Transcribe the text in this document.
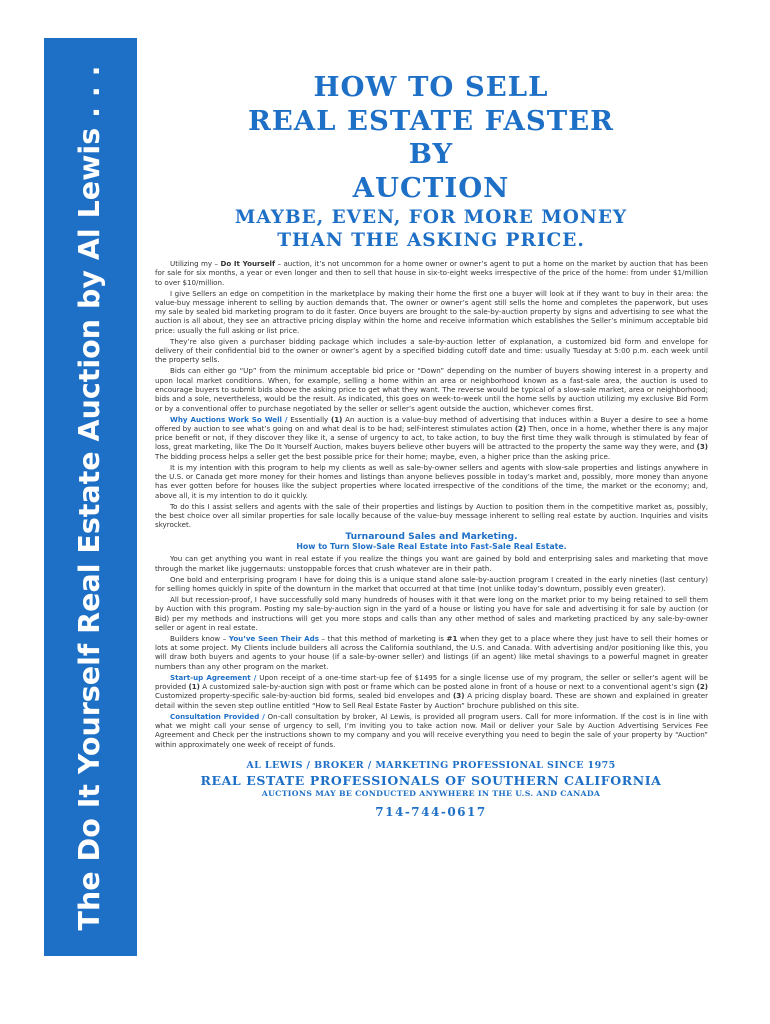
The Do It Yourself Real Estate Auction by Al Lewis . . .	HOW TO SELL
REAL ESTATE FASTER
BY
AUCTION
MAYBE, EVEN, FOR MORE MONEY
THAN THE ASKING PRICE.

Utilizing my – Do It Yourself – auction, it’s not uncommon for a home owner or owner’s agent to put a home on the market by auction that has been for sale for six months, a year or even longer and then to sell that house in six-to-eight weeks irrespective of the price of the home: from under $1/million to over $10/million.

I give Sellers an edge on competition in the marketplace by making their home the first one a buyer will look at if they want to buy in their area: the value-buy message inherent to selling by auction demands that. The owner or owner’s agent still sells the home and completes the paperwork, but uses my sale by sealed bid marketing program to do it faster. Once buyers are brought to the sale-by-auction property by signs and advertising to see what the auction is all about, they see an attractive pricing display within the home and receive information which establishes the Seller’s minimum acceptable bid price: usually the full asking or list price.

They’re also given a purchaser bidding package which includes a sale-by-auction letter of explanation, a customized bid form and envelope for delivery of their confidential bid to the owner or owner’s agent by a specified bidding cutoff date and time: usually Tuesday at 5:00 p.m. each week until the property sells.

Bids can either go “Up” from the minimum acceptable bid price or “Down” depending on the number of buyers showing interest in a property and upon local market conditions. When, for example, selling a home within an area or neighborhood known as a fast-sale area, the auction is used to encourage buyers to submit bids above the asking price to get what they want. The reverse would be typical of a slow-sale market, area or neighborhood; bids and a sole, nevertheless, would be the result. As indicated, this goes on week-to-week until the home sells by auction utilizing my exclusive Bid Form or by a conventional offer to purchase negotiated by the seller or seller’s agent outside the auction, whichever comes first.

Why Auctions Work So Well / Essentially (1) An auction is a value-buy method of advertising that induces within a Buyer a desire to see a home offered by auction to see what’s going on and what deal is to be had; self-interest stimulates action (2) Then, once in a home, whether there is any major price benefit or not, if they discover they like it, a sense of urgency to act, to take action, to buy the first time they walk through is stimulated by fear of loss, great marketing, like The Do It Yourself Auction, makes buyers believe other buyers will be attracted to the property the same way they were, and (3) The bidding process helps a seller get the best possible price for their home; maybe, even, a higher price than the asking price.

It is my intention with this program to help my clients as well as sale-by-owner sellers and agents with slow-sale properties and listings anywhere in the U.S. or Canada get more money for their homes and listings than anyone believes possible in today’s market and, possibly, more money than anyone has ever gotten before for houses like the subject properties where located irrespective of the conditions of the time, the market or the economy; and, above all, it is my intention to do it quickly.

To do this I assist sellers and agents with the sale of their properties and listings by Auction to position them in the competitive market as, possibly, the best choice over all similar properties for sale locally because of the value-buy message inherent to selling real estate by auction. Inquiries and visits skyrocket.

Turnaround Sales and Marketing.
How to Turn Slow-Sale Real Estate into Fast-Sale Real Estate.

You can get anything you want in real estate if you realize the things you want are gained by bold and enterprising sales and marketing that move through the market like juggernauts: unstoppable forces that crush whatever are in their path.

One bold and enterprising program I have for doing this is a unique stand alone sale-by-auction program I created in the early nineties (last century) for selling homes quickly in spite of the downturn in the market that occurred at that time (not unlike today’s downturn, possibly even greater).

All but recession-proof, I have successfully sold many hundreds of houses with it that were long on the market prior to my being retained to sell them by Auction with this program. Posting my sale-by-auction sign in the yard of a house or listing you have for sale and advertising it for sale by auction (or Bid) per my methods and instructions will get you more stops and calls than any other method of sales and marketing practiced by any sale-by-owner seller or agent in real estate.

Builders know – You’ve Seen Their Ads – that this method of marketing is #1 when they get to a place where they just have to sell their homes or lots at some project. My Clients include builders all across the California southland, the U.S. and Canada. With advertising and/or positioning like this, you will draw both buyers and agents to your house (if a sale-by-owner seller) and listings (if an agent) like metal shavings to a powerful magnet in greater numbers than any other program on the market.

Start-up Agreement / Upon receipt of a one-time start-up fee of $1495 for a single license use of my program, the seller or seller’s agent will be provided (1) A customized sale-by-auction sign with post or frame which can be posted alone in front of a house or next to a conventional agent’s sign (2) Customized property-specific sale-by-auction bid forms, sealed bid envelopes and (3) A pricing display board. These are shown and explained in greater detail within the seven step outline entitled “How to Sell Real Estate Faster by Auction” brochure published on this site.

Consultation Provided / On-call consultation by broker, Al Lewis, is provided all program users. Call for more information. If the cost is in line with what we might call your sense of urgency to sell, I’m inviting you to take action now. Mail or deliver your Sale by Auction Advertising Services Fee Agreement and Check per the instructions shown to my company and you will receive everything you need to begin the sale of your property by “Auction” within approximately one week of receipt of funds.

AL LEWIS / BROKER / MARKETING PROFESSIONAL SINCE 1975
REAL ESTATE PROFESSIONALS OF SOUTHERN CALIFORNIA
AUCTIONS MAY BE CONDUCTED ANYWHERE IN THE U.S. AND CANADA
714-744-0617
